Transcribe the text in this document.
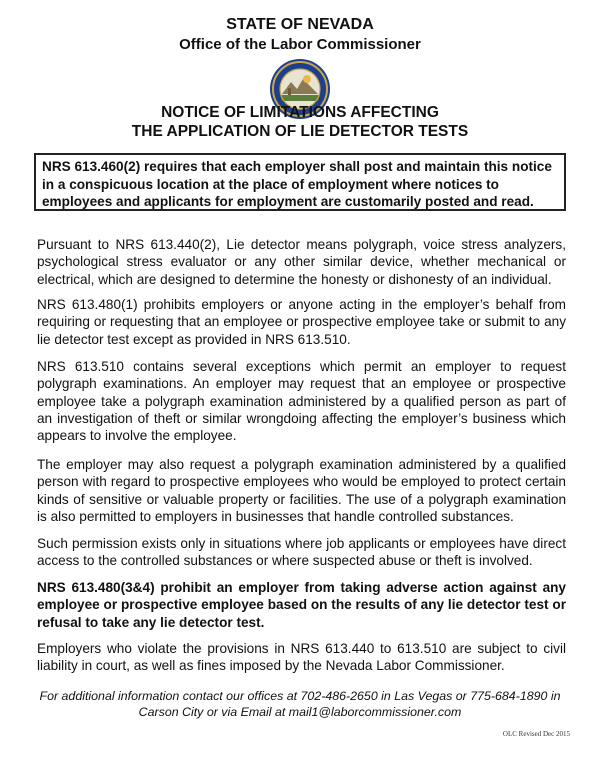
STATE OF NEVADA
Office of the Labor Commissioner
NOTICE OF LIMITATIONS AFFECTING
THE APPLICATION OF LIE DETECTOR TESTS
NRS 613.460(2) requires that each employer shall post and maintain this notice in a conspicuous location at the place of employment where notices to employees and applicants for employment are customarily posted and read.
Pursuant to NRS 613.440(2), Lie detector means polygraph, voice stress analyzers, psychological stress evaluator or any other similar device, whether mechanical or electrical, which are designed to determine the honesty or dishonesty of an individual.
NRS 613.480(1) prohibits employers or anyone acting in the employer’s behalf from requiring or requesting that an employee or prospective employee take or submit to any lie detector test except as provided in NRS 613.510.
NRS 613.510 contains several exceptions which permit an employer to request polygraph examinations. An employer may request that an employee or prospective employee take a polygraph examination administered by a qualified person as part of an investigation of theft or similar wrongdoing affecting the employer’s business which appears to involve the employee.
The employer may also request a polygraph examination administered by a qualified person with regard to prospective employees who would be employed to protect certain kinds of sensitive or valuable property or facilities. The use of a polygraph examination is also permitted to employers in businesses that handle controlled substances.
Such permission exists only in situations where job applicants or employees have direct access to the controlled substances or where suspected abuse or theft is involved.
NRS 613.480(3&4) prohibit an employer from taking adverse action against any employee or prospective employee based on the results of any lie detector test or refusal to take any lie detector test.
Employers who violate the provisions in NRS 613.440 to 613.510 are subject to civil liability in court, as well as fines imposed by the Nevada Labor Commissioner.
For additional information contact our offices at 702-486-2650 in Las Vegas or 775-684-1890 in
Carson City or via Email at mail1@laborcommissioner.com
OLC Revised Dec 2015
